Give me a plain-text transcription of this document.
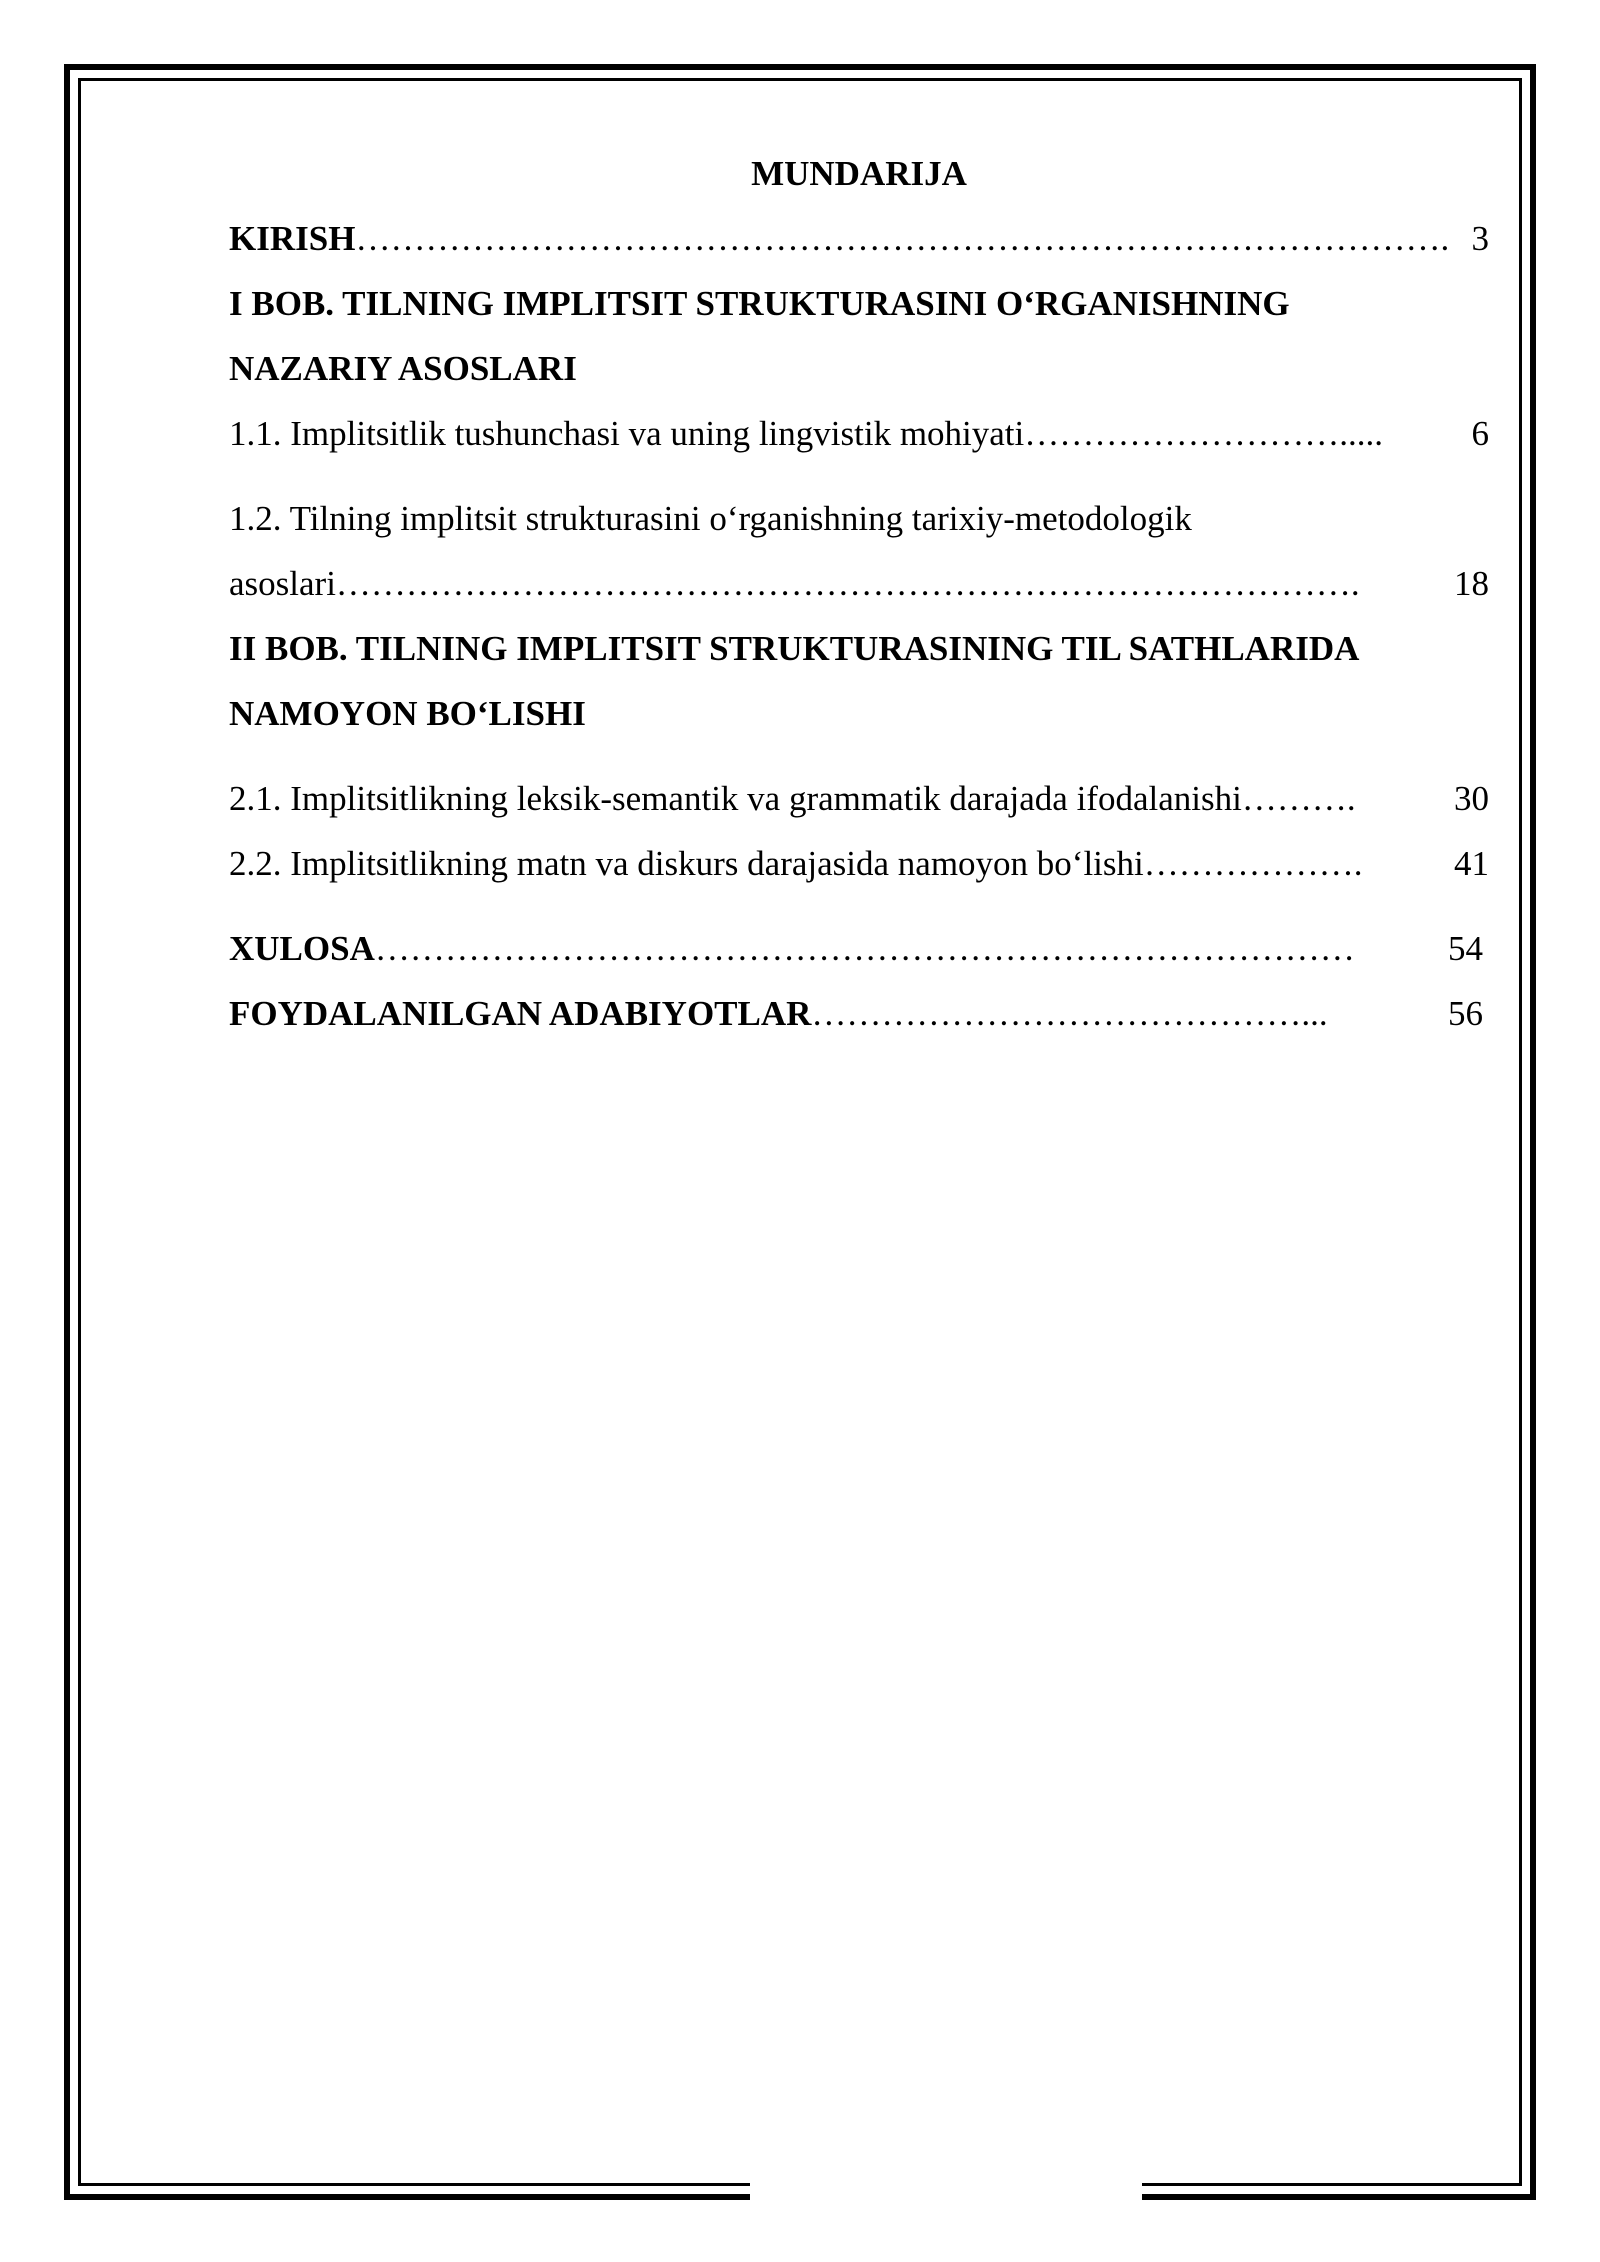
MUNDARIJA
KIRISH …………………………………………………………………………………. 3
I BOB. TILNING IMPLITSIT STRUKTURASINI O‘RGANISHNING
NAZARIY ASOSLARI
1.1. Implitsitlik tushunchasi va uning lingvistik mohiyati ……………………….....	6
1.2. Tilning implitsit strukturasini o‘rganishning tarixiy-metodologik
asoslari …………………………………………………………………………….	18
II BOB. TILNING IMPLITSIT STRUKTURASINING TIL SATHLARIDA
NAMOYON BO‘LISHI
2.1. Implitsitlikning leksik-semantik va grammatik darajada ifodalanishi ……….	30
2.2. Implitsitlikning matn va diskurs darajasida namoyon bo‘lishi ……………….	41
XULOSA …………………………………………………………………………	54
FOYDALANILGAN ADABIYOTLAR ……………………………………...	56
